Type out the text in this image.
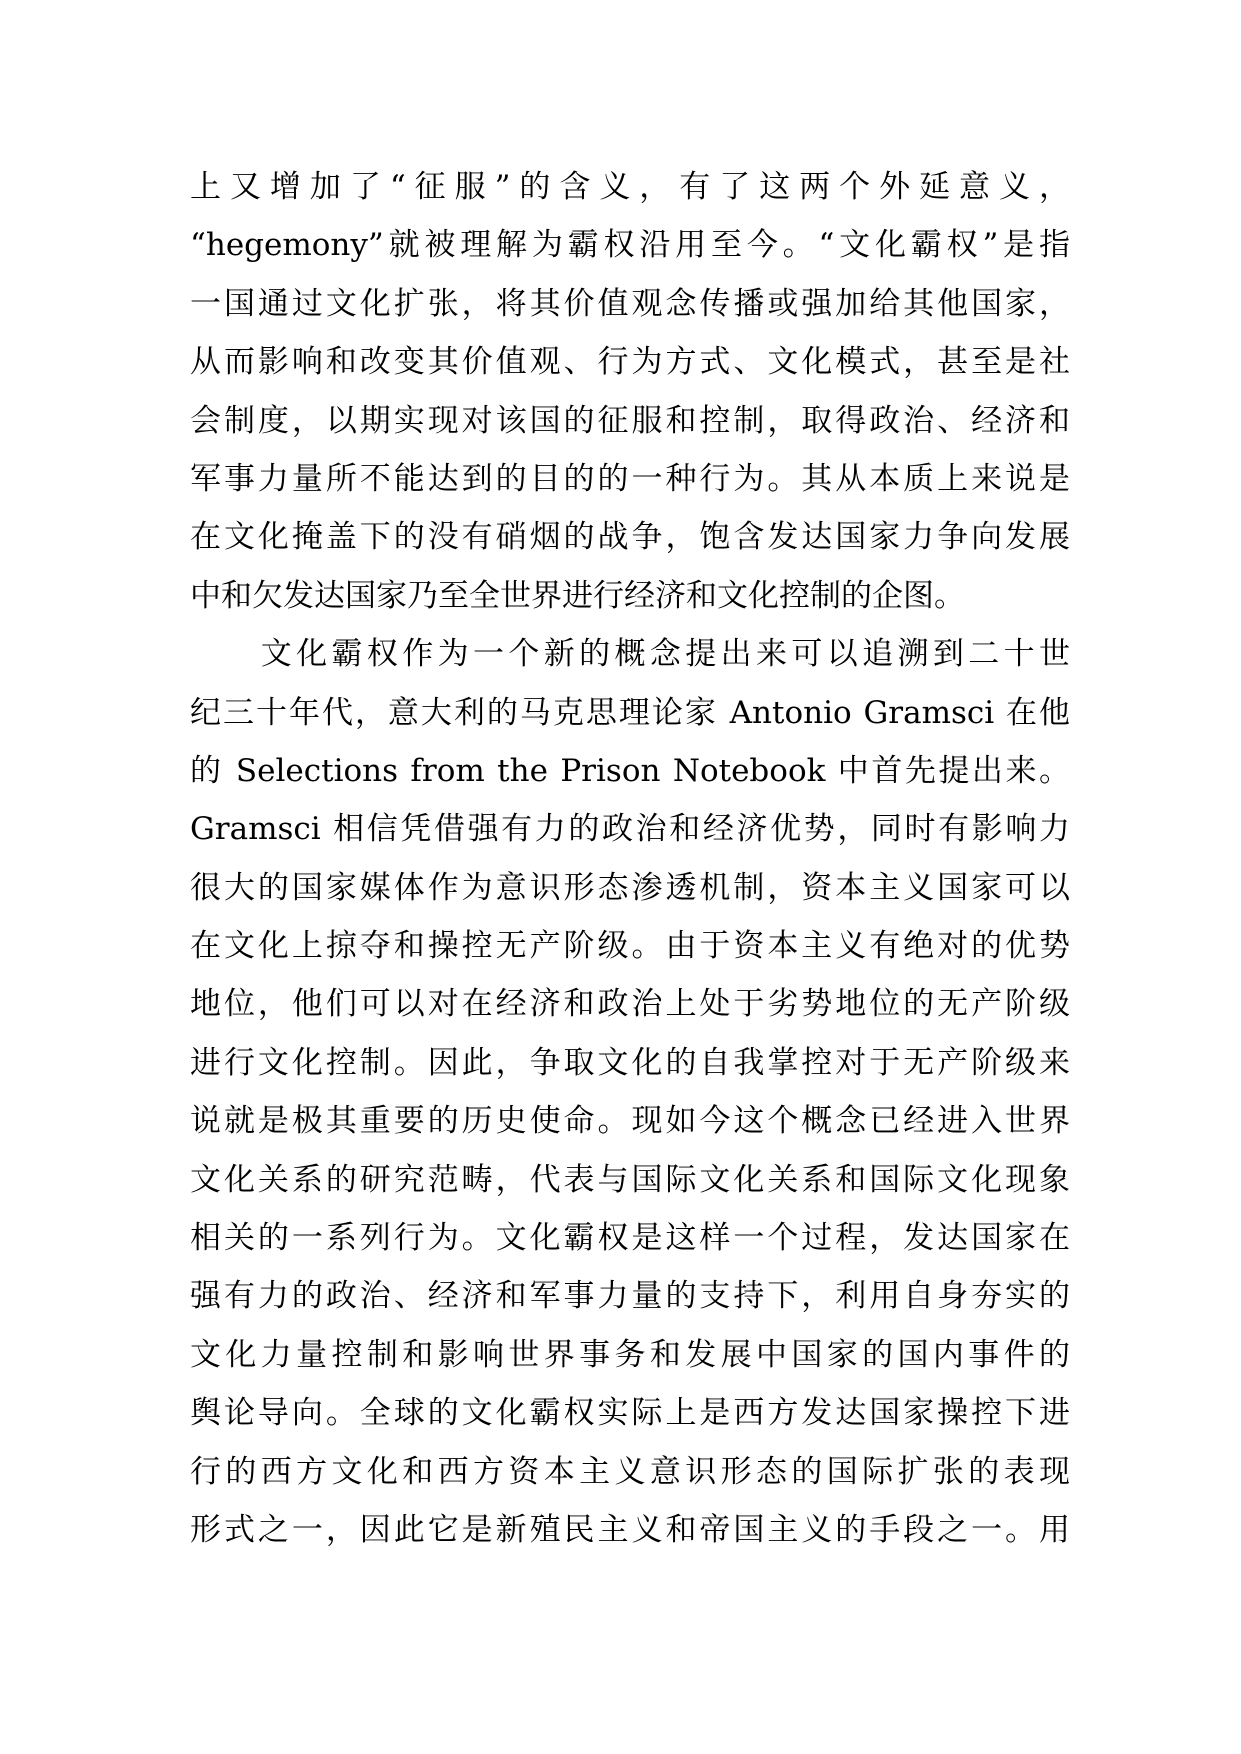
上又增加了“征服”的含义，有了这两个外延意义，
“hegemony”就被理解为霸权沿用至今。“文化霸权”是指
一国通过文化扩张，将其价值观念传播或强加给其他国家，
从而影响和改变其价值观、行为方式、文化模式，甚至是社
会制度，以期实现对该国的征服和控制，取得政治、经济和
军事力量所不能达到的目的的一种行为。其从本质上来说是
在文化掩盖下的没有硝烟的战争，饱含发达国家力争向发展
中和欠发达国家乃至全世界进行经济和文化控制的企图。
　　文化霸权作为一个新的概念提出来可以追溯到二十世
纪三十年代，意大利的马克思理论家 Antonio Gramsci 在他
的 Selections from the Prison Notebook 中首先提出来。
Gramsci 相信凭借强有力的政治和经济优势，同时有影响力
很大的国家媒体作为意识形态渗透机制，资本主义国家可以
在文化上掠夺和操控无产阶级。由于资本主义有绝对的优势
地位，他们可以对在经济和政治上处于劣势地位的无产阶级
进行文化控制。因此，争取文化的自我掌控对于无产阶级来
说就是极其重要的历史使命。现如今这个概念已经进入世界
文化关系的研究范畴，代表与国际文化关系和国际文化现象
相关的一系列行为。文化霸权是这样一个过程，发达国家在
强有力的政治、经济和军事力量的支持下，利用自身夯实的
文化力量控制和影响世界事务和发展中国家的国内事件的
舆论导向。全球的文化霸权实际上是西方发达国家操控下进
行的西方文化和西方资本主义意识形态的国际扩张的表现
形式之一，因此它是新殖民主义和帝国主义的手段之一。用
